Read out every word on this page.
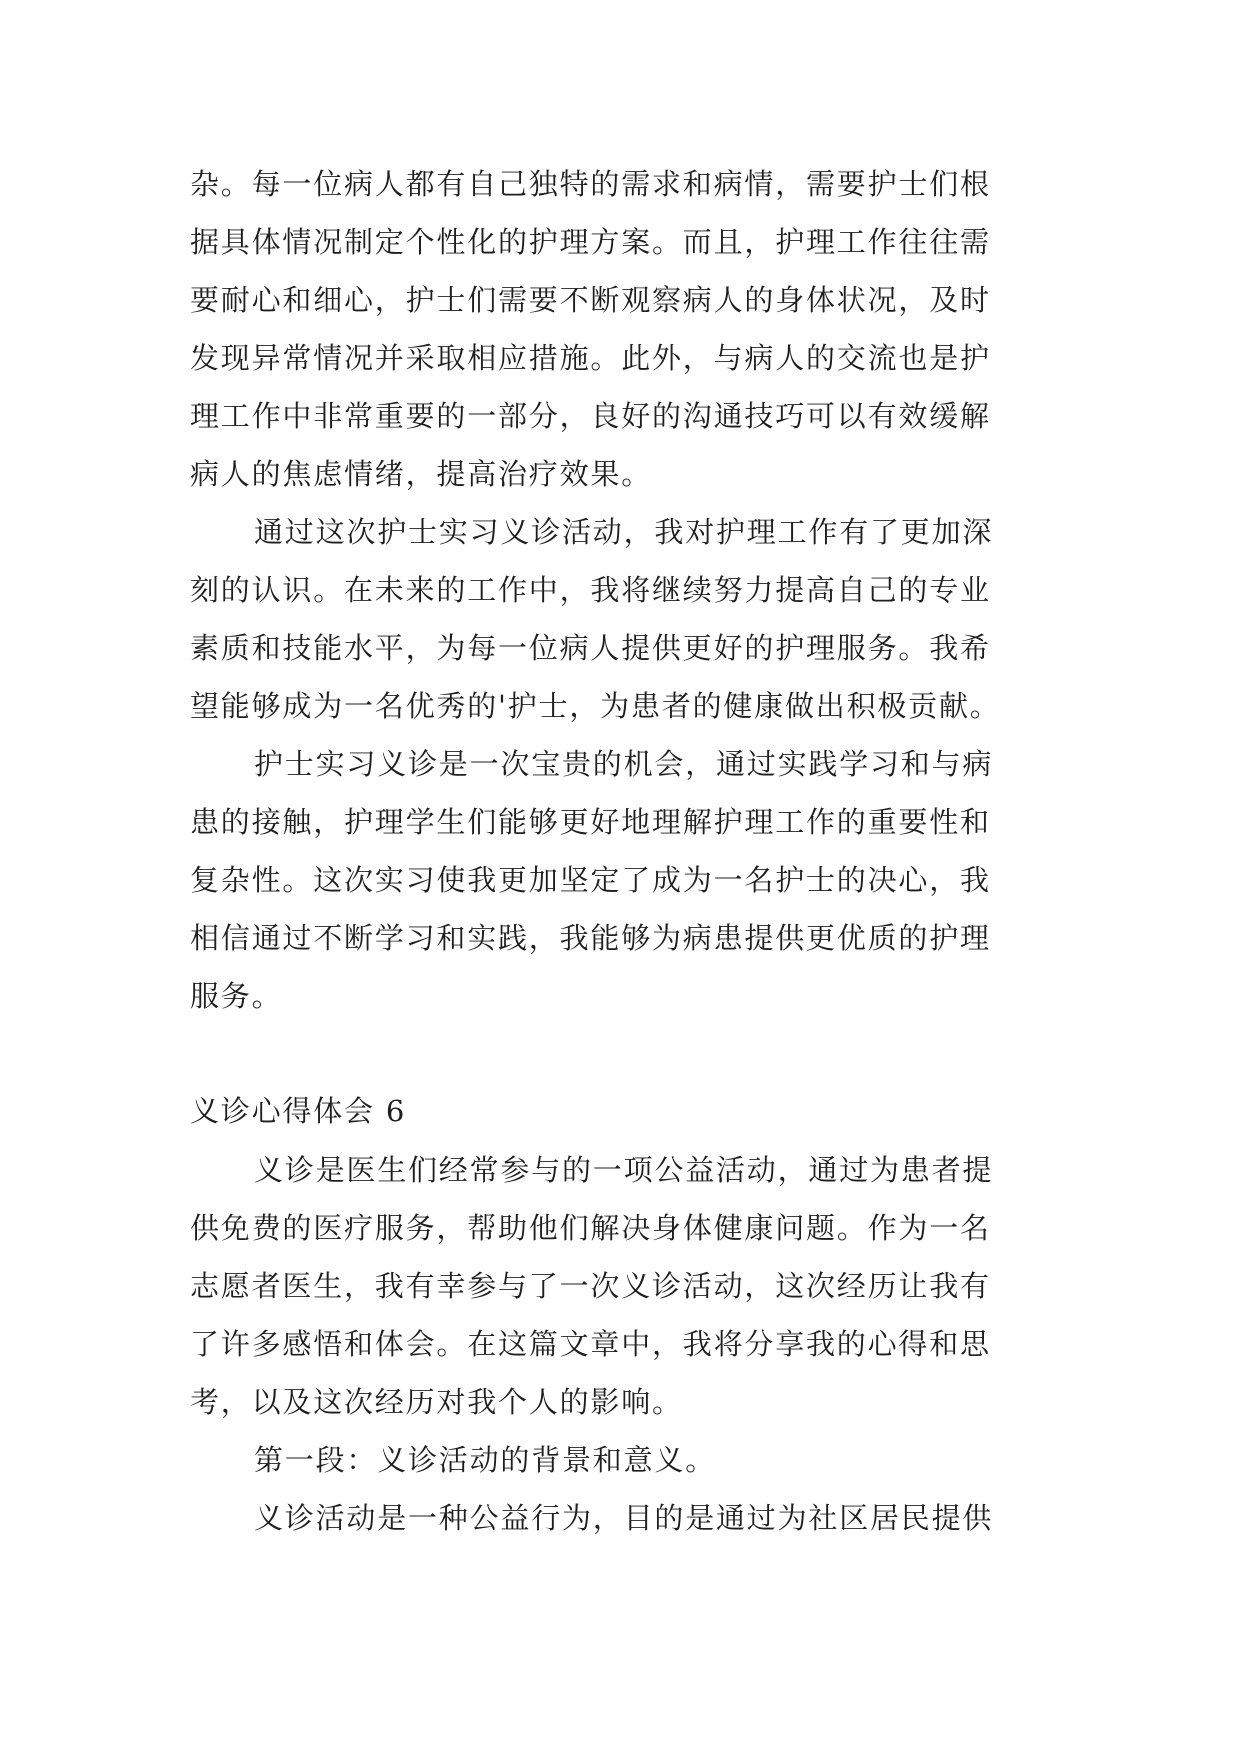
杂。每一位病人都有自己独特的需求和病情，需要护士们根
据具体情况制定个性化的护理方案。而且，护理工作往往需
要耐心和细心，护士们需要不断观察病人的身体状况，及时
发现异常情况并采取相应措施。此外，与病人的交流也是护
理工作中非常重要的一部分，良好的沟通技巧可以有效缓解
病人的焦虑情绪，提高治疗效果。
通过这次护士实习义诊活动，我对护理工作有了更加深
刻的认识。在未来的工作中，我将继续努力提高自己的专业
素质和技能水平，为每一位病人提供更好的护理服务。我希
望能够成为一名优秀的'护士，为患者的健康做出积极贡献。
护士实习义诊是一次宝贵的机会，通过实践学习和与病
患的接触，护理学生们能够更好地理解护理工作的重要性和
复杂性。这次实习使我更加坚定了成为一名护士的决心，我
相信通过不断学习和实践，我能够为病患提供更优质的护理
服务。
义诊心得体会 6
义诊是医生们经常参与的一项公益活动，通过为患者提
供免费的医疗服务，帮助他们解决身体健康问题。作为一名
志愿者医生，我有幸参与了一次义诊活动，这次经历让我有
了许多感悟和体会。在这篇文章中，我将分享我的心得和思
考，以及这次经历对我个人的影响。
第一段：义诊活动的背景和意义。
义诊活动是一种公益行为，目的是通过为社区居民提供
